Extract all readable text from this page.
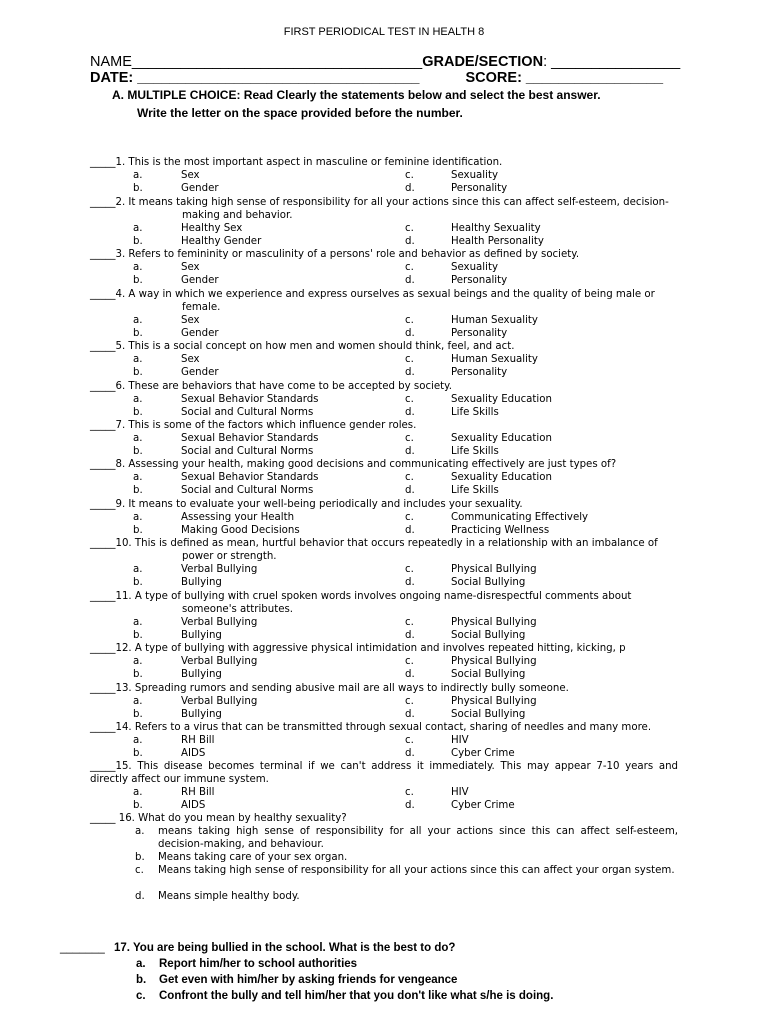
FIRST PERIODICAL TEST IN HEALTH 8
NAME____________________________________GRADE/SECTION: ________________
DATE: ___________________________________	SCORE: _________________
A. MULTIPLE CHOICE: Read Clearly the statements below and select the best answer.
Write the letter on the space provided before the number.
_____1. This is the most important aspect in masculine or feminine identification.
a.	Sex	c.	Sexuality
b.	Gender	d.	Personality
_____2. It means taking high sense of responsibility for all your actions since this can affect self-esteem, decision-
making and behavior.
a.	Healthy Sex	c.	Healthy Sexuality
b.	Healthy Gender	d.	Health Personality
_____3. Refers to femininity or masculinity of a persons' role and behavior as defined by society.
a.	Sex	c.	Sexuality
b.	Gender	d.	Personality
_____4. A way in which we experience and express ourselves as sexual beings and the quality of being male or
female.
a.	Sex	c.	Human Sexuality
b.	Gender	d.	Personality
_____5. This is a social concept on how men and women should think, feel, and act.
a.	Sex	c.	Human Sexuality
b.	Gender	d.	Personality
_____6. These are behaviors that have come to be accepted by society.
a.	Sexual Behavior Standards	c.	Sexuality Education
b.	Social and Cultural Norms	d.	Life Skills
_____7. This is some of the factors which influence gender roles.
a.	Sexual Behavior Standards	c.	Sexuality Education
b.	Social and Cultural Norms	d.	Life Skills
_____8. Assessing your health, making good decisions and communicating effectively are just types of?
a.	Sexual Behavior Standards	c.	Sexuality Education
b.	Social and Cultural Norms	d.	Life Skills
_____9. It means to evaluate your well-being periodically and includes your sexuality.
a.	Assessing your Health	c.	Communicating Effectively
b.	Making Good Decisions	d.	Practicing Wellness
_____10. This is defined as mean, hurtful behavior that occurs repeatedly in a relationship with an imbalance of
power or strength.
a.	Verbal Bullying	c.	Physical Bullying
b.	Bullying	d.	Social Bullying
_____11. A type of bullying with cruel spoken words involves ongoing name-disrespectful comments about
someone's attributes.
a.	Verbal Bullying	c.	Physical Bullying
b.	Bullying	d.	Social Bullying
_____12. A type of bullying with aggressive physical intimidation and involves repeated hitting, kicking, p
a.	Verbal Bullying	c.	Physical Bullying
b.	Bullying	d.	Social Bullying
_____13. Spreading rumors and sending abusive mail are all ways to indirectly bully someone.
a.	Verbal Bullying	c.	Physical Bullying
b.	Bullying	d.	Social Bullying
_____14. Refers to a virus that can be transmitted through sexual contact, sharing of needles and many more.
a.	RH Bill	c.	HIV
b.	AIDS	d.	Cyber Crime
_____15. This disease becomes terminal if we can't address it immediately. This may appear 7-10 years and directly affect our immune system.
a.	RH Bill	c.	HIV
b.	AIDS	d.	Cyber Crime
_____ 16. What do you mean by healthy sexuality?
a. means taking high sense of responsibility for all your actions since this can affect self-esteem, decision-making, and behaviour.
b. Means taking care of your sex organ.
c. Means taking high sense of responsibility for all your actions since this can affect your organ system.
d. Means simple healthy body.
_______ 17. You are being bullied in the school. What is the best to do?
a. Report him/her to school authorities
b. Get even with him/her by asking friends for vengeance
c. Confront the bully and tell him/her that you don't like what s/he is doing.
